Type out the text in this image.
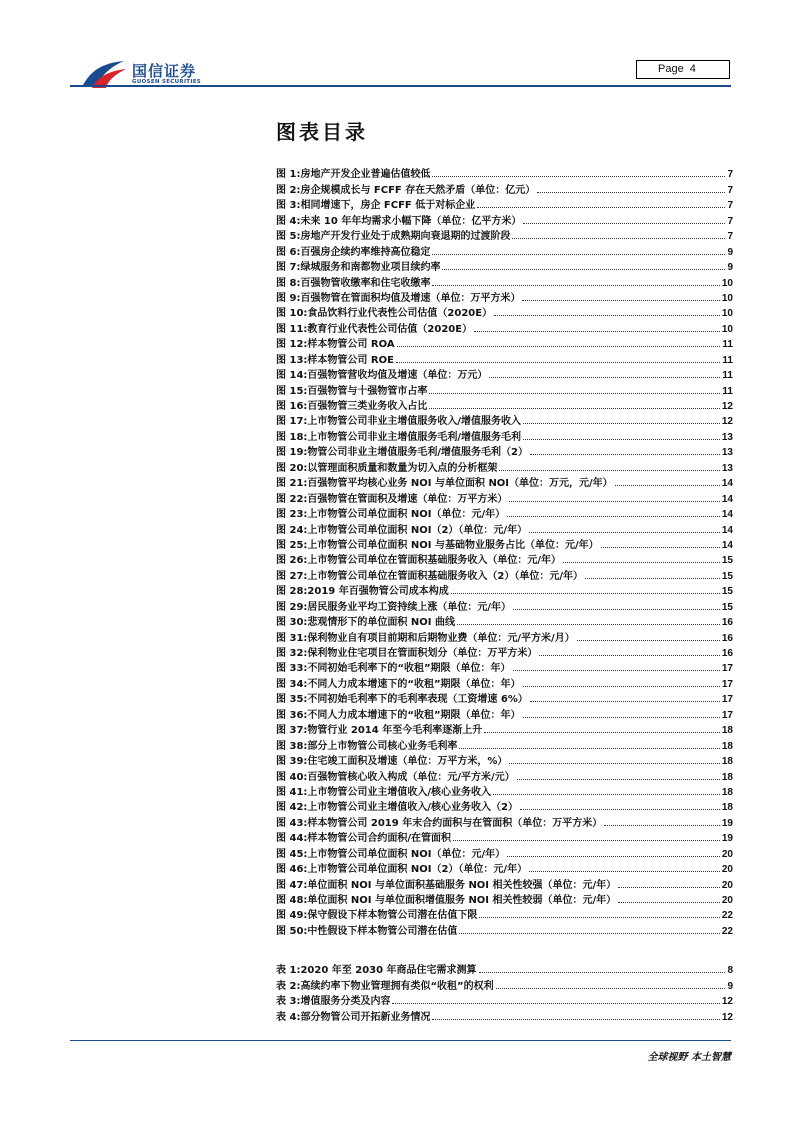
国信证券
GUOSEN SECURITIES
Page 4
图表目录
图 1: 房地产开发企业普遍估值较低	7
图 2: 房企规模成长与 FCFF 存在天然矛盾（单位：亿元）	7
图 3: 相同增速下，房企 FCFF 低于对标企业	7
图 4: 未来 10 年年均需求小幅下降（单位：亿平方米）	7
图 5: 房地产开发行业处于成熟期向衰退期的过渡阶段	7
图 6: 百强房企续约率维持高位稳定	9
图 7: 绿城服务和南都物业项目续约率	9
图 8: 百强物管收缴率和住宅收缴率	10
图 9: 百强物管在管面积均值及增速（单位：万平方米）	10
图 10: 食品饮料行业代表性公司估值（2020E）	10
图 11: 教育行业代表性公司估值（2020E）	10
图 12: 样本物管公司 ROA	11
图 13: 样本物管公司 ROE	11
图 14: 百强物管营收均值及增速（单位：万元）	11
图 15: 百强物管与十强物管市占率	11
图 16: 百强物管三类业务收入占比	12
图 17: 上市物管公司非业主增值服务收入/增值服务收入	12
图 18: 上市物管公司非业主增值服务毛利/增值服务毛利	13
图 19: 物管公司非业主增值服务毛利/增值服务毛利（2）	13
图 20: 以管理面积质量和数量为切入点的分析框架	13
图 21: 百强物管平均核心业务 NOI 与单位面积 NOI（单位：万元，元/年）	14
图 22: 百强物管在管面积及增速（单位：万平方米）	14
图 23: 上市物管公司单位面积 NOI（单位：元/年）	14
图 24: 上市物管公司单位面积 NOI（2）（单位：元/年）	14
图 25: 上市物管公司单位面积 NOI 与基础物业服务占比（单位：元/年）	14
图 26: 上市物管公司单位在管面积基础服务收入（单位：元/年）	15
图 27: 上市物管公司单位在管面积基础服务收入（2）（单位：元/年）	15
图 28: 2019 年百强物管公司成本构成	15
图 29: 居民服务业平均工资持续上涨（单位：元/年）	15
图 30: 悲观情形下的单位面积 NOI 曲线	16
图 31: 保利物业自有项目前期和后期物业费（单位：元/平方米/月）	16
图 32: 保利物业住宅项目在管面积划分（单位：万平方米）	16
图 33: 不同初始毛利率下的“收租”期限（单位：年）	17
图 34: 不同人力成本增速下的“收租”期限（单位：年）	17
图 35: 不同初始毛利率下的毛利率表现（工资增速 6%）	17
图 36: 不同人力成本增速下的“收租”期限（单位：年）	17
图 37: 物管行业 2014 年至今毛利率逐渐上升	18
图 38: 部分上市物管公司核心业务毛利率	18
图 39: 住宅竣工面积及增速（单位：万平方米，%）	18
图 40: 百强物管核心收入构成（单位：元/平方米/元）	18
图 41: 上市物管公司业主增值收入/核心业务收入	18
图 42: 上市物管公司业主增值收入/核心业务收入（2）	18
图 43: 样本物管公司 2019 年末合约面积与在管面积（单位：万平方米）	19
图 44: 样本物管公司合约面积/在管面积	19
图 45: 上市物管公司单位面积 NOI（单位：元/年）	20
图 46: 上市物管公司单位面积 NOI（2）（单位：元/年）	20
图 47: 单位面积 NOI 与单位面积基础服务 NOI 相关性较强（单位：元/年）	20
图 48: 单位面积 NOI 与单位面积增值服务 NOI 相关性较弱（单位：元/年）	20
图 49: 保守假设下样本物管公司潜在估值下限	22
图 50: 中性假设下样本物管公司潜在估值	22
表 1: 2020 年至 2030 年商品住宅需求测算	8
表 2: 高续约率下物业管理拥有类似“收租”的权利	9
表 3: 增值服务分类及内容	12
表 4: 部分物管公司开拓新业务情况	12
全球视野 本土智慧
